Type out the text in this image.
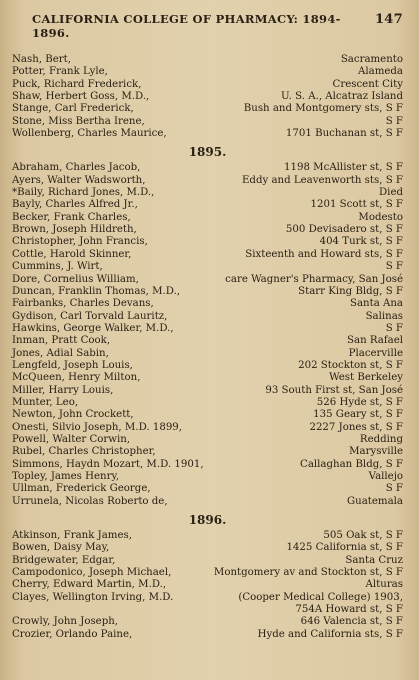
CALIFORNIA COLLEGE OF PHARMACY: 1894-1896.
147
Nash, Bert,	Sacramento
Potter, Frank Lyle,	Alameda
Puck, Richard Frederick,	Crescent City
Shaw, Herbert Goss, M.D.,	U. S. A., Alcatraz Island
Stange, Carl Frederick,	Bush and Montgomery sts, S F
Stone, Miss Bertha Irene,	S F
Wollenberg, Charles Maurice,	1701 Buchanan st, S F
1895.
Abraham, Charles Jacob,	1198 McAllister st, S F
Ayers, Walter Wadsworth,	Eddy and Leavenworth sts, S F
*Baily, Richard Jones, M.D.,	Died
Bayly, Charles Alfred Jr.,	1201 Scott st, S F
Becker, Frank Charles,	Modesto
Brown, Joseph Hildreth,	500 Devisadero st, S F
Christopher, John Francis,	404 Turk st, S F
Cottle, Harold Skinner,	Sixteenth and Howard sts, S F
Cummins, J. Wirt,	S F
Dore, Cornelius William,	care Wagner's Pharmacy, San José
Duncan, Franklin Thomas, M.D.,	Starr King Bldg, S F
Fairbanks, Charles Devans,	Santa Ana
Gydison, Carl Torvald Lauritz,	Salinas
Hawkins, George Walker, M.D.,	S F
Inman, Pratt Cook,	San Rafael
Jones, Adial Sabin,	Placerville
Lengfeld, Joseph Louis,	202 Stockton st, S F
McQueen, Henry Milton,	West Berkeley
Miller, Harry Louis,	93 South First st, San José
Munter, Leo,	526 Hyde st, S F
Newton, John Crockett,	135 Geary st, S F
Onesti, Silvio Joseph, M.D. 1899,	2227 Jones st, S F
Powell, Walter Corwin,	Redding
Rubel, Charles Christopher,	Marysville
Simmons, Haydn Mozart, M.D. 1901,	Callaghan Bldg, S F
Topley, James Henry,	Vallejo
Ullman, Frederick George,	S F
Urrunela, Nicolas Roberto de,	Guatemala
1896.
Atkinson, Frank James,	505 Oak st, S F
Bowen, Daisy May,	1425 California st, S F
Bridgewater, Edgar,	Santa Cruz
Campodonico, Joseph Michael,	Montgomery av and Stockton st, S F
Cherry, Edward Martin, M.D.,	Alturas
Clayes, Wellington Irving, M.D.	(Cooper Medical College) 1903,
754A Howard st, S F
Crowly, John Joseph,	646 Valencia st, S F
Crozier, Orlando Paine,	Hyde and California sts, S F
